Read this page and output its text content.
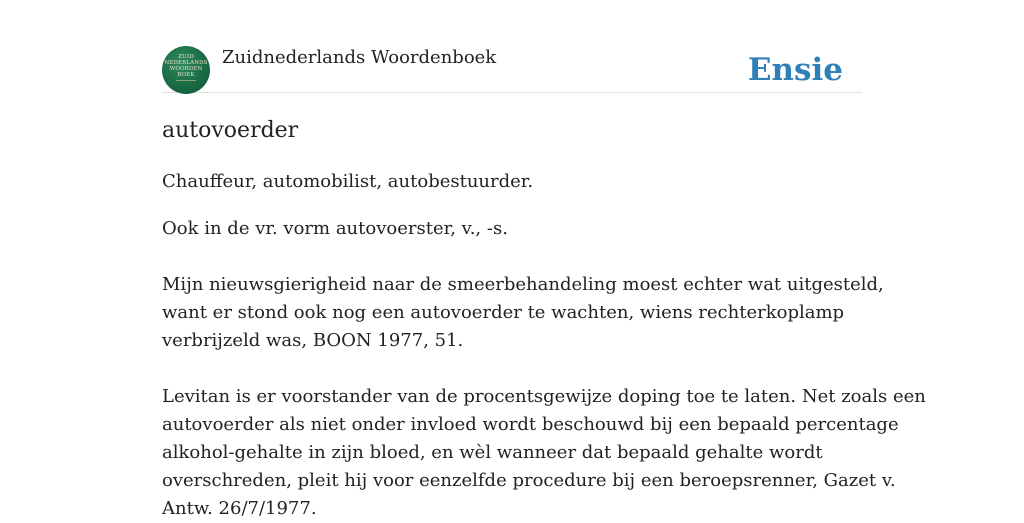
ZUID
NEDERLANDS
WOORDEN
BOEK
Zuidnederlands Woordenboek	Ensie
autovoerder
Chauffeur, automobilist, autobestuurder.
Ook in de vr. vorm autovoerster, v., -s.
Mijn nieuwsgierigheid naar de smeerbehandeling moest echter wat uitgesteld,
want er stond ook nog een autovoerder te wachten, wiens rechterkoplamp
verbrijzeld was, BOON 1977, 51.
Levitan is er voorstander van de procentsgewijze doping toe te laten. Net zoals een
autovoerder als niet onder invloed wordt beschouwd bij een bepaald percentage
alkohol-gehalte in zijn bloed, en wèl wanneer dat bepaald gehalte wordt
overschreden, pleit hij voor eenzelfde procedure bij een beroepsrenner, Gazet v.
Antw. 26/7/1977.
